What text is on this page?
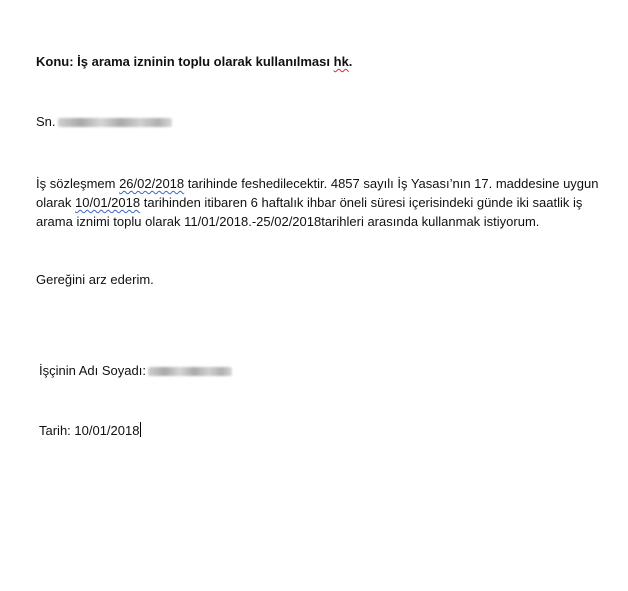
Konu: İş arama izninin toplu olarak kullanılması hk.
Sn.
İş sözleşmem 26/02/2018 tarihinde feshedilecektir. 4857 sayılı İş Yasası’nın 17. maddesine uygun olarak 10/01/2018 tarihinden itibaren 6 haftalık ihbar öneli süresi içerisindeki günde iki saatlik iş arama iznimi toplu olarak 11/01/2018.-25/02/2018tarihleri arasında kullanmak istiyorum.
Gereğini arz ederim.
İşçinin Adı Soyadı:
Tarih: 10/01/2018
